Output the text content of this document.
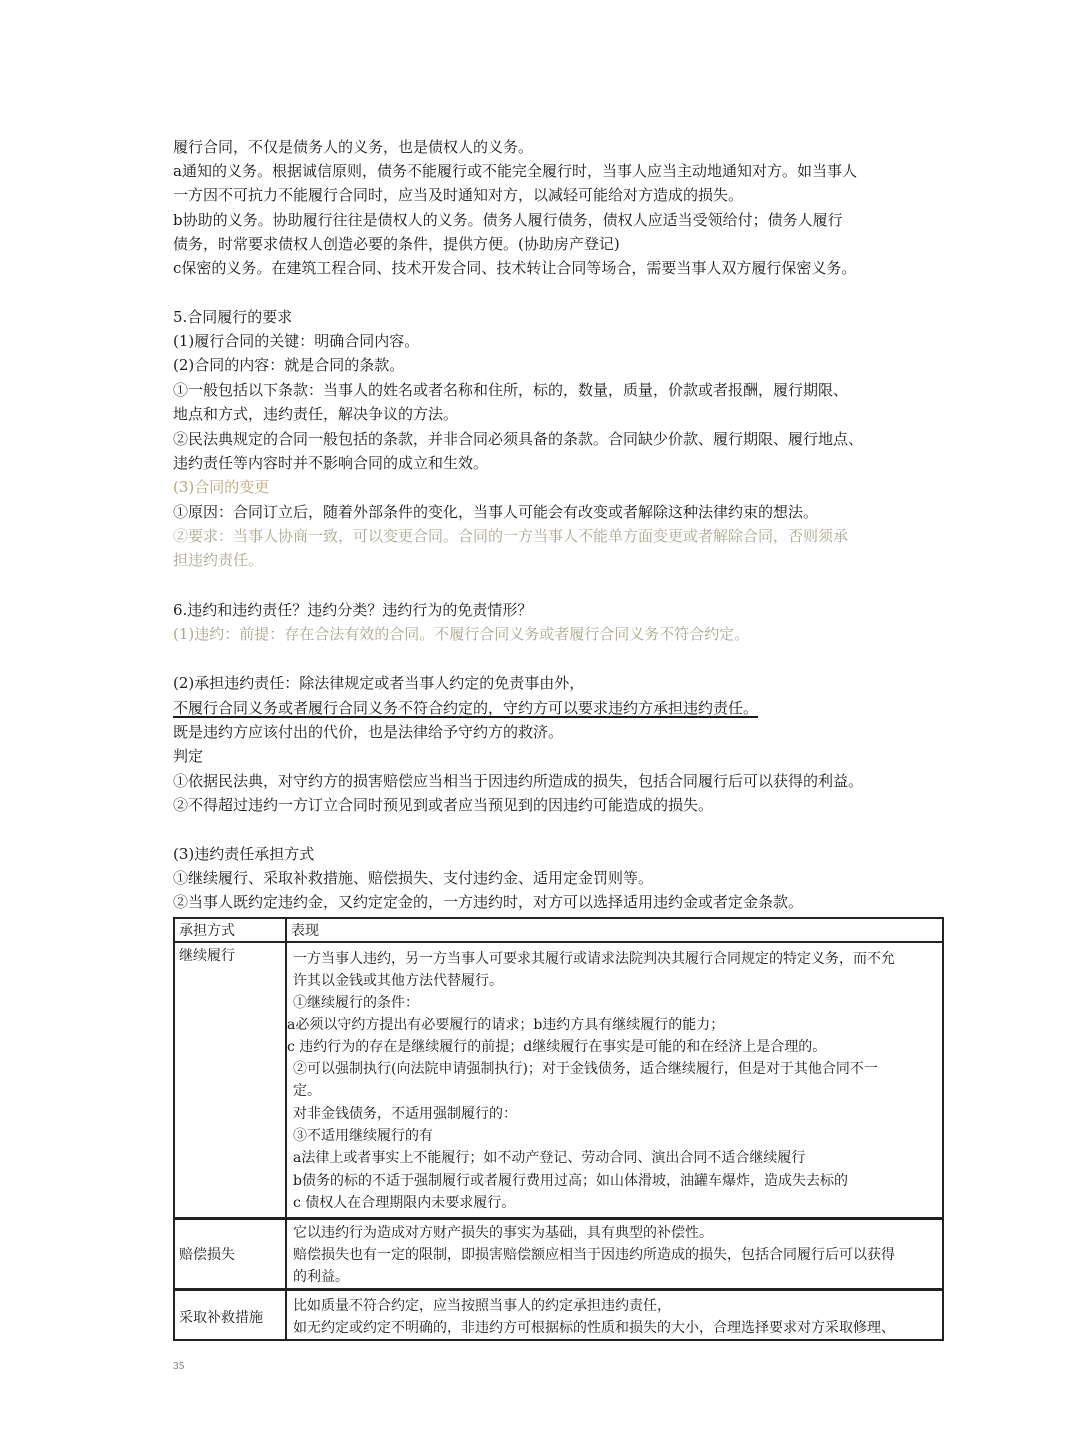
履行合同，不仅是债务人的义务，也是债权人的义务。
a通知的义务。根据诚信原则，债务不能履行或不能完全履行时，当事人应当主动地通知对方。如当事人
一方因不可抗力不能履行合同时，应当及时通知对方，以减轻可能给对方造成的损失。
b协助的义务。协助履行往往是债权人的义务。债务人履行债务，债权人应适当受领给付；债务人履行
债务，时常要求债权人创造必要的条件，提供方便。(协助房产登记)
c保密的义务。在建筑工程合同、技术开发合同、技术转让合同等场合，需要当事人双方履行保密义务。
5.合同履行的要求
(1)履行合同的关键：明确合同内容。
(2)合同的内容：就是合同的条款。
①一般包括以下条款：当事人的姓名或者名称和住所，标的，数量，质量，价款或者报酬，履行期限、
地点和方式，违约责任，解决争议的方法。
②民法典规定的合同一般包括的条款，并非合同必须具备的条款。合同缺少价款、履行期限、履行地点、
违约责任等内容时并不影响合同的成立和生效。
(3)合同的变更
①原因：合同订立后，随着外部条件的变化，当事人可能会有改变或者解除这种法律约束的想法。
②要求：当事人协商一致，可以变更合同。合同的一方当事人不能单方面变更或者解除合同，否则须承
担违约责任。
6.违约和违约责任？违约分类？违约行为的免责情形？
(1)违约：前提：存在合法有效的合同。不履行合同义务或者履行合同义务不符合约定。
(2)承担违约责任：除法律规定或者当事人约定的免责事由外，
不履行合同义务或者履行合同义务不符合约定的，守约方可以要求违约方承担违约责任。
既是违约方应该付出的代价，也是法律给予守约方的救济。
判定
①依据民法典，对守约方的损害赔偿应当相当于因违约所造成的损失，包括合同履行后可以获得的利益。
②不得超过违约一方订立合同时预见到或者应当预见到的因违约可能造成的损失。
(3)违约责任承担方式
①继续履行、采取补救措施、赔偿损失、支付违约金、适用定金罚则等。
②当事人既约定违约金，又约定定金的，一方违约时，对方可以选择适用违约金或者定金条款。
承担方式	表现
继续履行	一方当事人违约，另一方当事人可要求其履行或请求法院判决其履行合同规定的特定义务，而不允
许其以金钱或其他方法代替履行。
①继续履行的条件：
a必须以守约方提出有必要履行的请求；b违约方具有继续履行的能力；
c 违约行为的存在是继续履行的前提；d继续履行在事实是可能的和在经济上是合理的。
②可以强制执行(向法院申请强制执行)；对于金钱债务，适合继续履行，但是对于其他合同不一
定。
对非金钱债务，不适用强制履行的：
③不适用继续履行的有
a法律上或者事实上不能履行；如不动产登记、劳动合同、演出合同不适合继续履行
b债务的标的不适于强制履行或者履行费用过高；如山体滑坡，油罐车爆炸，造成失去标的
c 债权人在合理期限内未要求履行。
赔偿损失
它以违约行为造成对方财产损失的事实为基础，具有典型的补偿性。
赔偿损失也有一定的限制，即损害赔偿额应相当于因违约所造成的损失，包括合同履行后可以获得
的利益。
采取补救措施
比如质量不符合约定，应当按照当事人的约定承担违约责任，
如无约定或约定不明确的，非违约方可根据标的性质和损失的大小，合理选择要求对方采取修理、
35
